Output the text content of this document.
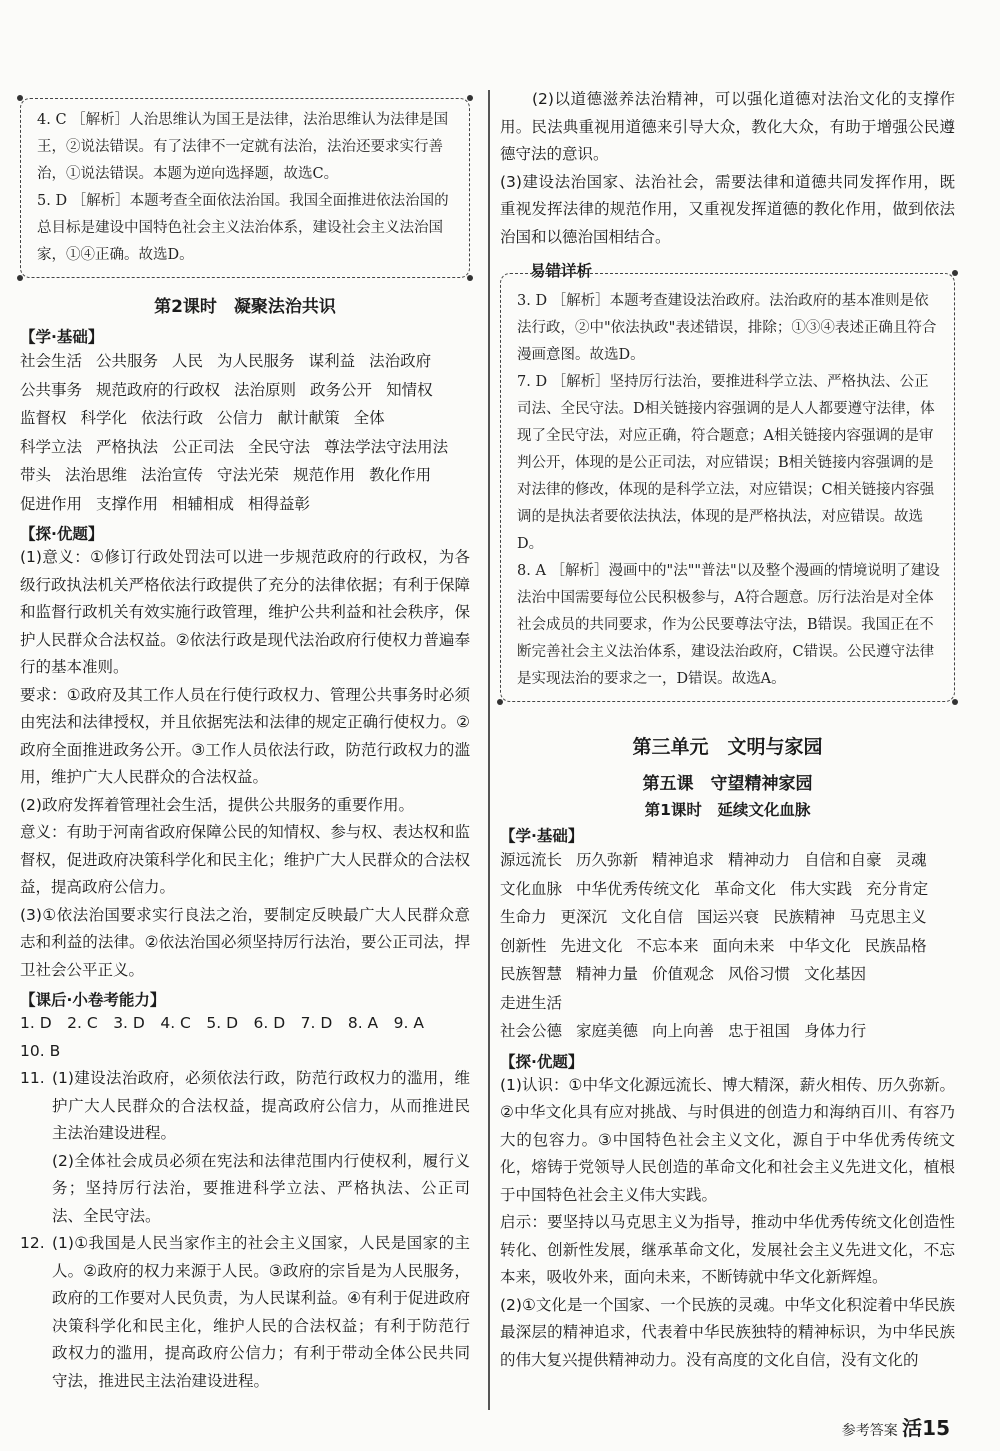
4. C ［解析］人治思维认为国王是法律，法治思维认为法律是国王，②说法错误。有了法律不一定就有法治，法治还要求实行善治，①说法错误。本题为逆向选择题，故选C。

5. D ［解析］本题考查全面依法治国。我国全面推进依法治国的总目标是建设中国特色社会主义法治体系，建设社会主义法治国家，①④正确。故选D。

第2课时　凝聚法治共识

【学·基础】

社会生活 公共服务 人民 为人民服务 谋利益 法治政府
公共事务 规范政府的行政权 法治原则 政务公开 知情权
监督权 科学化 依法行政 公信力 献计献策 全体
科学立法 严格执法 公正司法 全民守法 尊法学法守法用法
带头 法治思维 法治宣传 守法光荣 规范作用 教化作用
促进作用 支撑作用 相辅相成 相得益彰

【探·优题】

(1)意义：①修订行政处罚法可以进一步规范政府的行政权，为各级行政执法机关严格依法行政提供了充分的法律依据；有利于保障和监督行政机关有效实施行政管理，维护公共利益和社会秩序，保护人民群众合法权益。②依法行政是现代法治政府行使权力普遍奉行的基本准则。

要求：①政府及其工作人员在行使行政权力、管理公共事务时必须由宪法和法律授权，并且依据宪法和法律的规定正确行使权力。②政府全面推进政务公开。③工作人员依法行政，防范行政权力的滥用，维护广大人民群众的合法权益。

(2)政府发挥着管理社会生活，提供公共服务的重要作用。

意义：有助于河南省政府保障公民的知情权、参与权、表达权和监督权，促进政府决策科学化和民主化；维护广大人民群众的合法权益，提高政府公信力。

(3)①依法治国要求实行良法之治，要制定反映最广大人民群众意志和利益的法律。②依法治国必须坚持厉行法治，要公正司法，捍卫社会公平正义。

【课后·小卷考能力】

1. D　2. C　3. D　4. C　5. D　6. D　7. D　8. A　9. A

10. B

11. (1)建设法治政府，必须依法行政，防范行政权力的滥用，维护广大人民群众的合法权益，提高政府公信力，从而推进民主法治建设进程。

(2)全体社会成员必须在宪法和法律范围内行使权利，履行义务；坚持厉行法治，要推进科学立法、严格执法、公正司法、全民守法。

12. (1)①我国是人民当家作主的社会主义国家，人民是国家的主人。②政府的权力来源于人民。③政府的宗旨是为人民服务，政府的工作要对人民负责，为人民谋利益。④有利于促进政府决策科学化和民主化，维护人民的合法权益；有利于防范行政权力的滥用，提高政府公信力；有利于带动全体公民共同守法，推进民主法治建设进程。

(2)以道德滋养法治精神，可以强化道德对法治文化的支撑作用。民法典重视用道德来引导大众，教化大众，有助于增强公民遵德守法的意识。

(3)建设法治国家、法治社会，需要法律和道德共同发挥作用，既重视发挥法律的规范作用，又重视发挥道德的教化作用，做到依法治国和以德治国相结合。

易错详析

3. D ［解析］本题考查建设法治政府。法治政府的基本准则是依法行政，②中"依法执政"表述错误，排除；①③④表述正确且符合漫画意图。故选D。

7. D ［解析］坚持厉行法治，要推进科学立法、严格执法、公正司法、全民守法。D相关链接内容强调的是人人都要遵守法律，体现了全民守法，对应正确，符合题意；A相关链接内容强调的是审判公开，体现的是公正司法，对应错误；B相关链接内容强调的是对法律的修改，体现的是科学立法，对应错误；C相关链接内容强调的是执法者要依法执法，体现的是严格执法，对应错误。故选D。

8. A ［解析］漫画中的"法""普法"以及整个漫画的情境说明了建设法治中国需要每位公民积极参与，A符合题意。厉行法治是对全体社会成员的共同要求，作为公民要尊法守法，B错误。我国正在不断完善社会主义法治体系，建设法治政府，C错误。公民遵守法律是实现法治的要求之一，D错误。故选A。

第三单元　文明与家园
第五课　守望精神家园
第1课时　延续文化血脉

【学·基础】

源远流长 历久弥新 精神追求 精神动力 自信和自豪 灵魂
文化血脉 中华优秀传统文化 革命文化 伟大实践 充分肯定
生命力 更深沉 文化自信 国运兴衰 民族精神 马克思主义
创新性 先进文化 不忘本来 面向未来 中华文化 民族品格
民族智慧 精神力量 价值观念 风俗习惯 文化基因走进生活
社会公德 家庭美德 向上向善 忠于祖国 身体力行

【探·优题】

(1)认识：①中华文化源远流长、博大精深，薪火相传、历久弥新。②中华文化具有应对挑战、与时俱进的创造力和海纳百川、有容乃大的包容力。③中国特色社会主义文化，源自于中华优秀传统文化，熔铸于党领导人民创造的革命文化和社会主义先进文化，植根于中国特色社会主义伟大实践。

启示：要坚持以马克思主义为指导，推动中华优秀传统文化创造性转化、创新性发展，继承革命文化，发展社会主义先进文化，不忘本来，吸收外来，面向未来，不断铸就中华文化新辉煌。

(2)①文化是一个国家、一个民族的灵魂。中华文化积淀着中华民族最深层的精神追求，代表着中华民族独特的精神标识，为中华民族的伟大复兴提供精神动力。没有高度的文化自信，没有文化的

参考答案 活15
